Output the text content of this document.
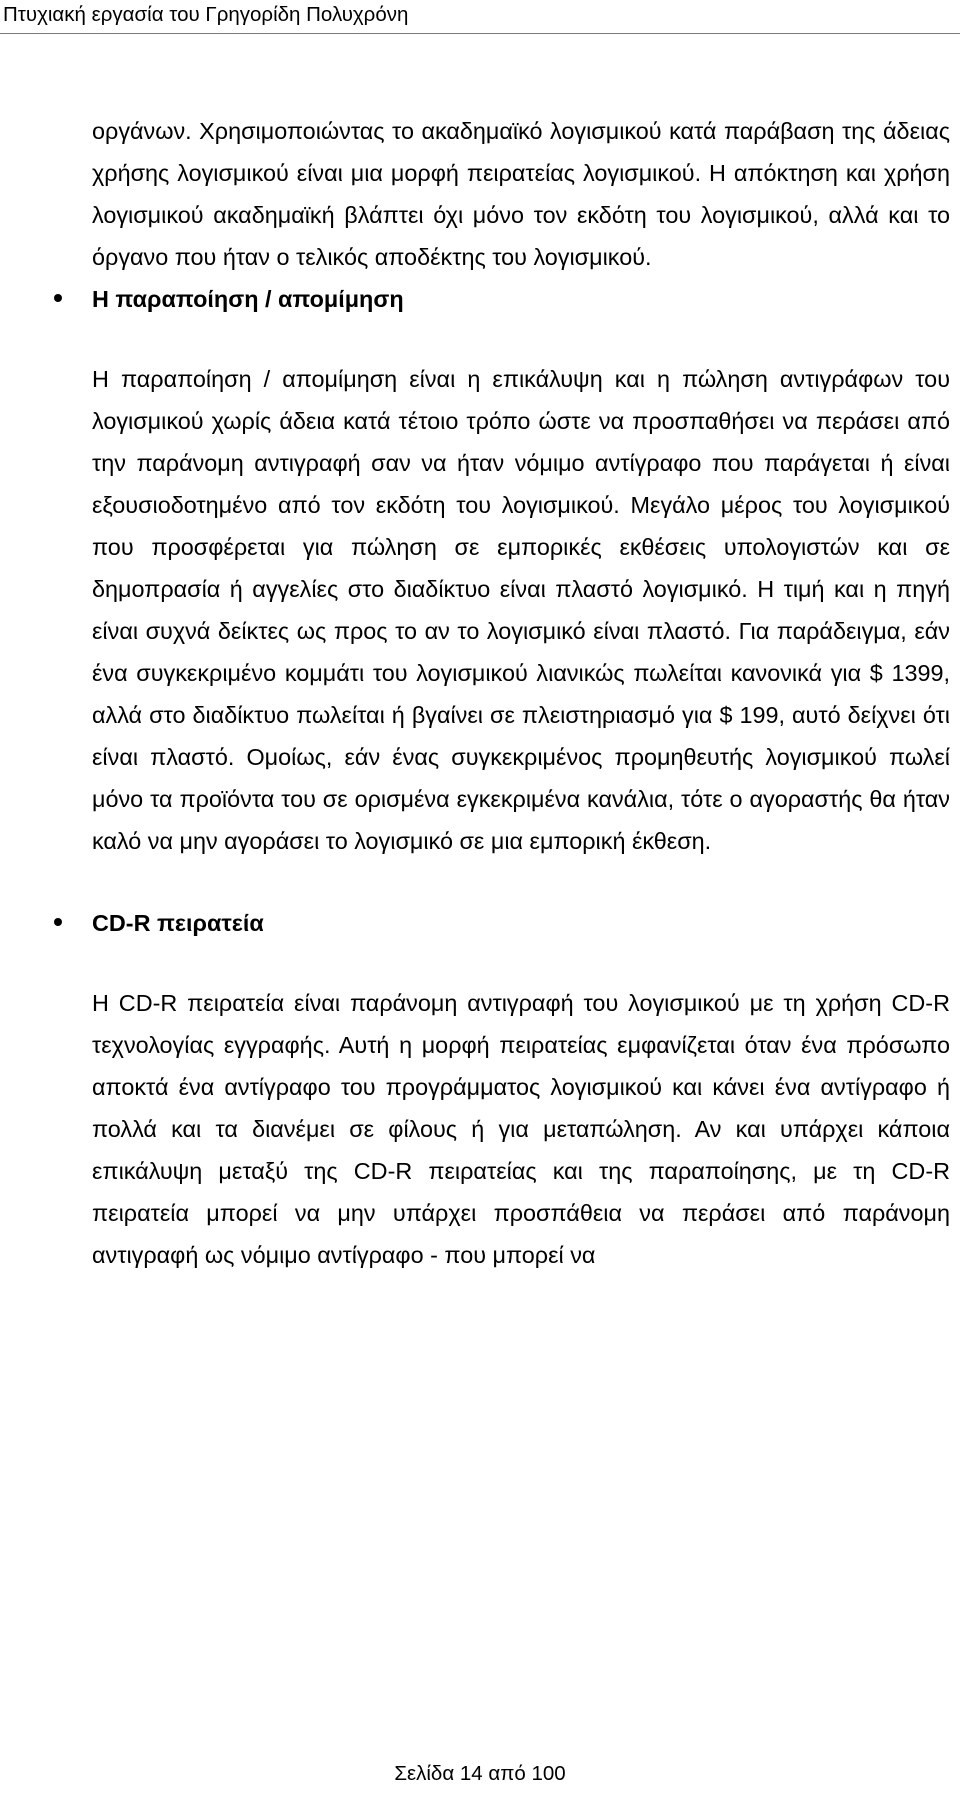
Πτυχιακή εργασία του Γρηγορίδη Πολυχρόνη

οργάνων. Χρησιμοποιώντας το ακαδημαϊκό λογισμικού κατά παράβαση της άδειας χρήσης λογισμικού είναι μια μορφή πειρατείας λογισμικού. Η απόκτηση και χρήση λογισμικού ακαδημαϊκή βλάπτει όχι μόνο τον εκδότη του λογισμικού, αλλά και το όργανο που ήταν ο τελικός αποδέκτης του λογισμικού.

Η παραποίηση / απομίμηση

Η παραποίηση / απομίμηση είναι η επικάλυψη και η πώληση αντιγράφων του λογισμικού χωρίς άδεια κατά τέτοιο τρόπο ώστε να προσπαθήσει να περάσει από την παράνομη αντιγραφή σαν να ήταν νόμιμο αντίγραφο που παράγεται ή είναι εξουσιοδοτημένο από τον εκδότη του λογισμικού. Μεγάλο μέρος του λογισμικού που προσφέρεται για πώληση σε εμπορικές εκθέσεις υπολογιστών και σε δημοπρασία ή αγγελίες στο διαδίκτυο είναι πλαστό λογισμικό. Η τιμή και η πηγή είναι συχνά δείκτες ως προς το αν το λογισμικό είναι πλαστό. Για παράδειγμα, εάν ένα συγκεκριμένο κομμάτι του λογισμικού λιανικώς πωλείται κανονικά για $ 1399, αλλά στο διαδίκτυο πωλείται ή βγαίνει σε πλειστηριασμό για $ 199, αυτό δείχνει ότι είναι πλαστό. Ομοίως, εάν ένας συγκεκριμένος προμηθευτής λογισμικού πωλεί μόνο τα προϊόντα του σε ορισμένα εγκεκριμένα κανάλια, τότε ο αγοραστής θα ήταν καλό να μην αγοράσει το λογισμικό σε μια εμπορική έκθεση.

CD-R πειρατεία

Η CD-R πειρατεία είναι παράνομη αντιγραφή του λογισμικού με τη χρήση CD-R τεχνολογίας εγγραφής. Αυτή η μορφή πειρατείας εμφανίζεται όταν ένα πρόσωπο αποκτά ένα αντίγραφο του προγράμματος λογισμικού και κάνει ένα αντίγραφο ή πολλά και τα διανέμει σε φίλους ή για μεταπώληση. Αν και υπάρχει κάποια επικάλυψη μεταξύ της CD-R πειρατείας και της παραποίησης, με τη CD-R πειρατεία μπορεί να μην υπάρχει προσπάθεια να περάσει από παράνομη αντιγραφή ως νόμιμο αντίγραφο - που μπορεί να

Σελίδα 14 από 100
